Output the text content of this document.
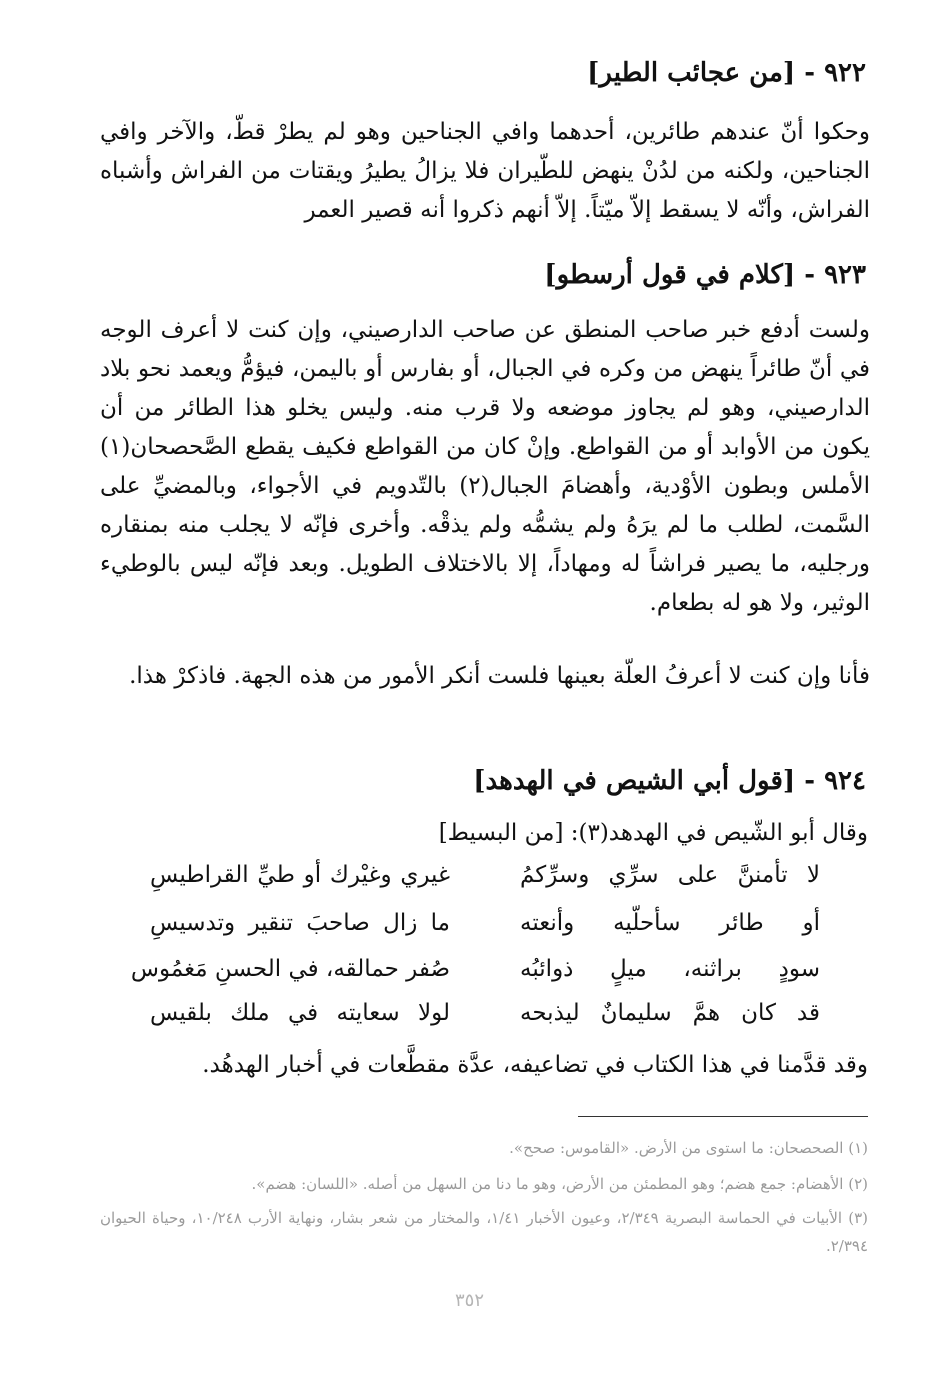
٩٢٢ - [من عجائب الطير]
وحكوا أنّ عندهم طائرين، أحدهما وافي الجناحين وهو لم يطرْ قطّ، والآخر وافي الجناحين، ولكنه من لدُنْ ينهض للطّيران فلا يزالُ يطيرُ ويقتات من الفراش وأشباه الفراش، وأنّه لا يسقط إلاّ ميّتاً. إلاّ أنهم ذكروا أنه قصير العمر
٩٢٣ - [كلام في قول أرسطو]
ولست أدفع خبر صاحب المنطق عن صاحب الدارصيني، وإن كنت لا أعرف الوجه في أنّ طائراً ينهض من وكره في الجبال، أو بفارس أو باليمن، فيؤمُّ ويعمد نحو بلاد الدارصيني، وهو لم يجاوز موضعه ولا قرب منه. وليس يخلو هذا الطائر من أن يكون من الأوابد أو من القواطع. وإنْ كان من القواطع فكيف يقطع الصَّحصحان(١) الأملس وبطون الأوْدية، وأهضامَ الجبال(٢) بالتّدويم في الأجواء، وبالمضيِّ على السَّمت، لطلب ما لم يرَهُ ولم يشمُّه ولم يذقْه. وأخرى فإنّه لا يجلب منه بمنقاره ورجليه، ما يصير فراشاً له ومهاداً، إلا بالاختلاف الطويل. وبعد فإنّه ليس بالوطيء الوثير، ولا هو له بطعام.
فأنا وإن كنت لا أعرفُ العلّة بعينها فلست أنكر الأمور من هذه الجهة. فاذكرْ هذا.
٩٢٤ - [قول أبي الشيص في الهدهد]
وقال أبو الشّيص في الهدهد(٣): [من البسيط]
لا تأمننَّ على سرِّي وسرِّكمُ
غيري وغيْرك أو طيِّ القراطيسِ
أو طائر سأحلّيه وأنعته
ما زال صاحبَ تنقير وتدسيسِ
سودٍ براثنه، ميلٍ ذوائبُه
صُفر حمالقه، في الحسنِ مَغمُوس
قد كان همَّ سليمانٌ ليذبحه
لولا سعايته في ملك بلقيس
وقد قدَّمنا في هذا الكتاب في تضاعيفه، عدَّة مقطَّعات في أخبار الهدهُد.
(١) الصحصحان: ما استوى من الأرض. «القاموس: صحح».
(٢) الأهضام: جمع هضم؛ وهو المطمئن من الأرض، وهو ما دنا من السهل من أصله. «اللسان: هضم».
(٣) الأبيات في الحماسة البصرية ٢/٣٤٩، وعيون الأخبار ١/٤١، والمختار من شعر بشار، ونهاية الأرب ١٠/٢٤٨، وحياة الحيوان ٢/٣٩٤.
٣٥٢
